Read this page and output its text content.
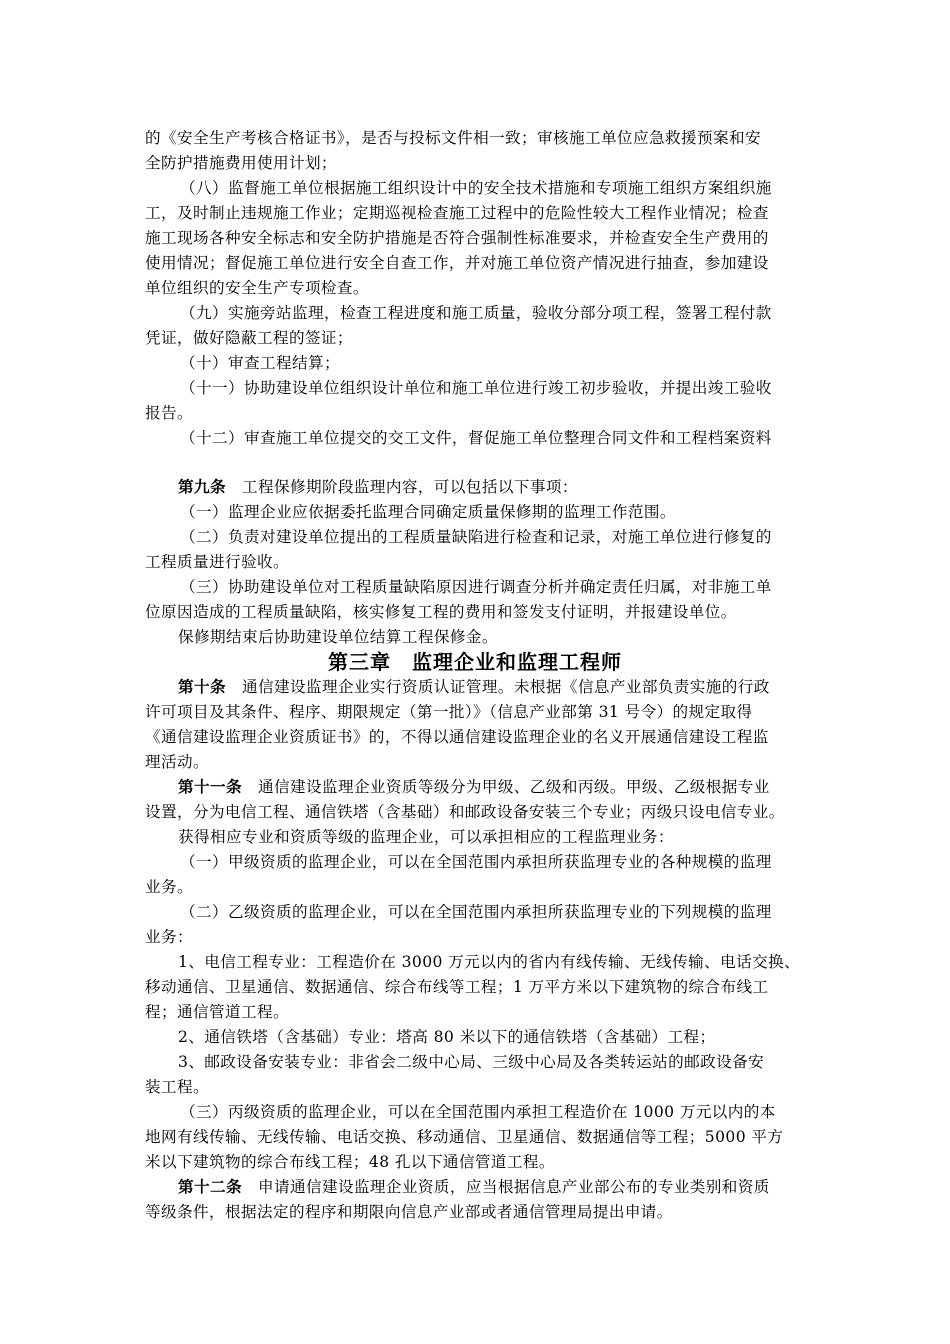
的《安全生产考核合格证书》，是否与投标文件相一致；审核施工单位应急救援预案和安
全防护措施费用使用计划；
（八）监督施工单位根据施工组织设计中的安全技术措施和专项施工组织方案组织施
工，及时制止违规施工作业；定期巡视检查施工过程中的危险性较大工程作业情况；检查
施工现场各种安全标志和安全防护措施是否符合强制性标准要求，并检查安全生产费用的
使用情况；督促施工单位进行安全自查工作，并对施工单位资产情况进行抽查，参加建设
单位组织的安全生产专项检查。
（九）实施旁站监理，检查工程进度和施工质量，验收分部分项工程，签署工程付款
凭证，做好隐蔽工程的签证；
（十）审查工程结算；
（十一）协助建设单位组织设计单位和施工单位进行竣工初步验收，并提出竣工验收
报告。
（十二）审查施工单位提交的交工文件，督促施工单位整理合同文件和工程档案资料
第九条　工程保修期阶段监理内容，可以包括以下事项：
（一）监理企业应依据委托监理合同确定质量保修期的监理工作范围。
（二）负责对建设单位提出的工程质量缺陷进行检查和记录，对施工单位进行修复的
工程质量进行验收。
（三）协助建设单位对工程质量缺陷原因进行调查分析并确定责任归属，对非施工单
位原因造成的工程质量缺陷，核实修复工程的费用和签发支付证明，并报建设单位。
保修期结束后协助建设单位结算工程保修金。
第三章　监理企业和监理工程师
第十条　通信建设监理企业实行资质认证管理。未根据《信息产业部负责实施的行政
许可项目及其条件、程序、期限规定（第一批）》（信息产业部第 31 号令）的规定取得
《通信建设监理企业资质证书》的，不得以通信建设监理企业的名义开展通信建设工程监
理活动。
第十一条　通信建设监理企业资质等级分为甲级、乙级和丙级。甲级、乙级根据专业
设置，分为电信工程、通信铁塔（含基础）和邮政设备安装三个专业；丙级只设电信专业。
获得相应专业和资质等级的监理企业，可以承担相应的工程监理业务：
（一）甲级资质的监理企业，可以在全国范围内承担所获监理专业的各种规模的监理
业务。
（二）乙级资质的监理企业，可以在全国范围内承担所获监理专业的下列规模的监理
业务：
1、电信工程专业：工程造价在 3000 万元以内的省内有线传输、无线传输、电话交换、
移动通信、卫星通信、数据通信、综合布线等工程；1 万平方米以下建筑物的综合布线工
程；通信管道工程。
2、通信铁塔（含基础）专业：塔高 80 米以下的通信铁塔（含基础）工程；
3、邮政设备安装专业：非省会二级中心局、三级中心局及各类转运站的邮政设备安
装工程。
（三）丙级资质的监理企业，可以在全国范围内承担工程造价在 1000 万元以内的本
地网有线传输、无线传输、电话交换、移动通信、卫星通信、数据通信等工程；5000 平方
米以下建筑物的综合布线工程；48 孔以下通信管道工程。
第十二条　申请通信建设监理企业资质，应当根据信息产业部公布的专业类别和资质
等级条件，根据法定的程序和期限向信息产业部或者通信管理局提出申请。
